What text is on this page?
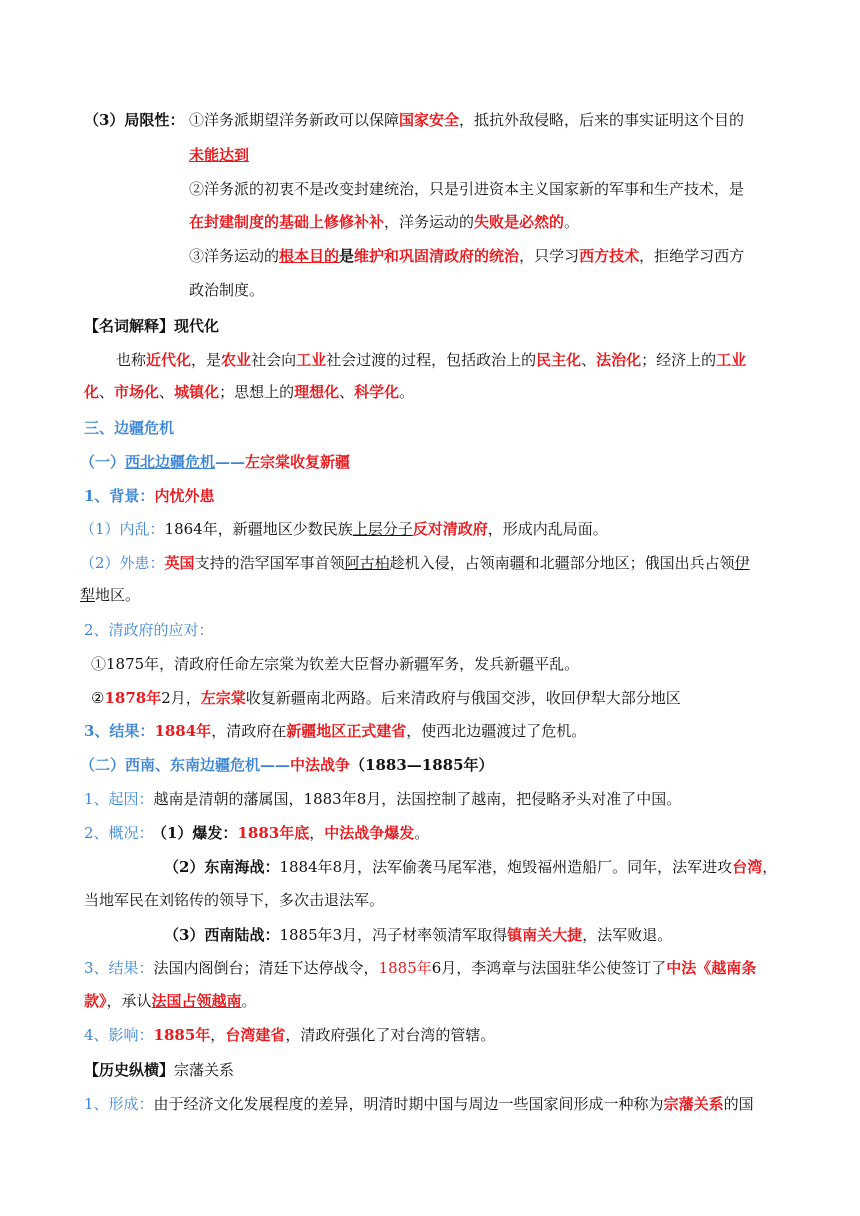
（3）局限性： ①洋务派期望洋务新政可以保障国家安全，抵抗外敌侵略，后来的事实证明这个目的
未能达到
②洋务派的初衷不是改变封建统治，只是引进资本主义国家新的军事和生产技术，是
在封建制度的基础上修修补补，洋务运动的失败是必然的。
③洋务运动的根本目的是维护和巩固清政府的统治，只学习西方技术，拒绝学习西方
政治制度。
【名词解释】现代化
也称近代化，是农业社会向工业社会过渡的过程，包括政治上的民主化、法治化；经济上的工业
化、市场化、城镇化；思想上的理想化、科学化。
三、边疆危机
（一）西北边疆危机——左宗棠收复新疆
1、背景：内忧外患
（1）内乱：1864年，新疆地区少数民族上层分子反对清政府，形成内乱局面。
（2）外患：英国支持的浩罕国军事首领阿古柏趁机入侵，占领南疆和北疆部分地区；俄国出兵占领伊
犁地区。
2、清政府的应对：
①1875年，清政府任命左宗棠为钦差大臣督办新疆军务，发兵新疆平乱。
②1878年2月，左宗棠收复新疆南北两路。后来清政府与俄国交涉，收回伊犁大部分地区
3、结果：1884年，清政府在新疆地区正式建省，使西北边疆渡过了危机。
（二）西南、东南边疆危机——中法战争（1883—1885年）
1、起因：越南是清朝的藩属国，1883年8月，法国控制了越南，把侵略矛头对准了中国。
2、概况：
（1）爆发：1883年底，中法战争爆发。
（2）东南海战：1884年8月，法军偷袭马尾军港，炮毁福州造船厂。同年，法军进攻台湾，
当地军民在刘铭传的领导下，多次击退法军。
（3）西南陆战：1885年3月，冯子材率领清军取得镇南关大捷，法军败退。
3、结果：法国内阁倒台；清廷下达停战令，1885年6月，李鸿章与法国驻华公使签订了中法《越南条
款》，承认法国占领越南。
4、影响：1885年，台湾建省，清政府强化了对台湾的管辖。
【历史纵横】宗藩关系
1、形成：由于经济文化发展程度的差异，明清时期中国与周边一些国家间形成一种称为宗藩关系的国
